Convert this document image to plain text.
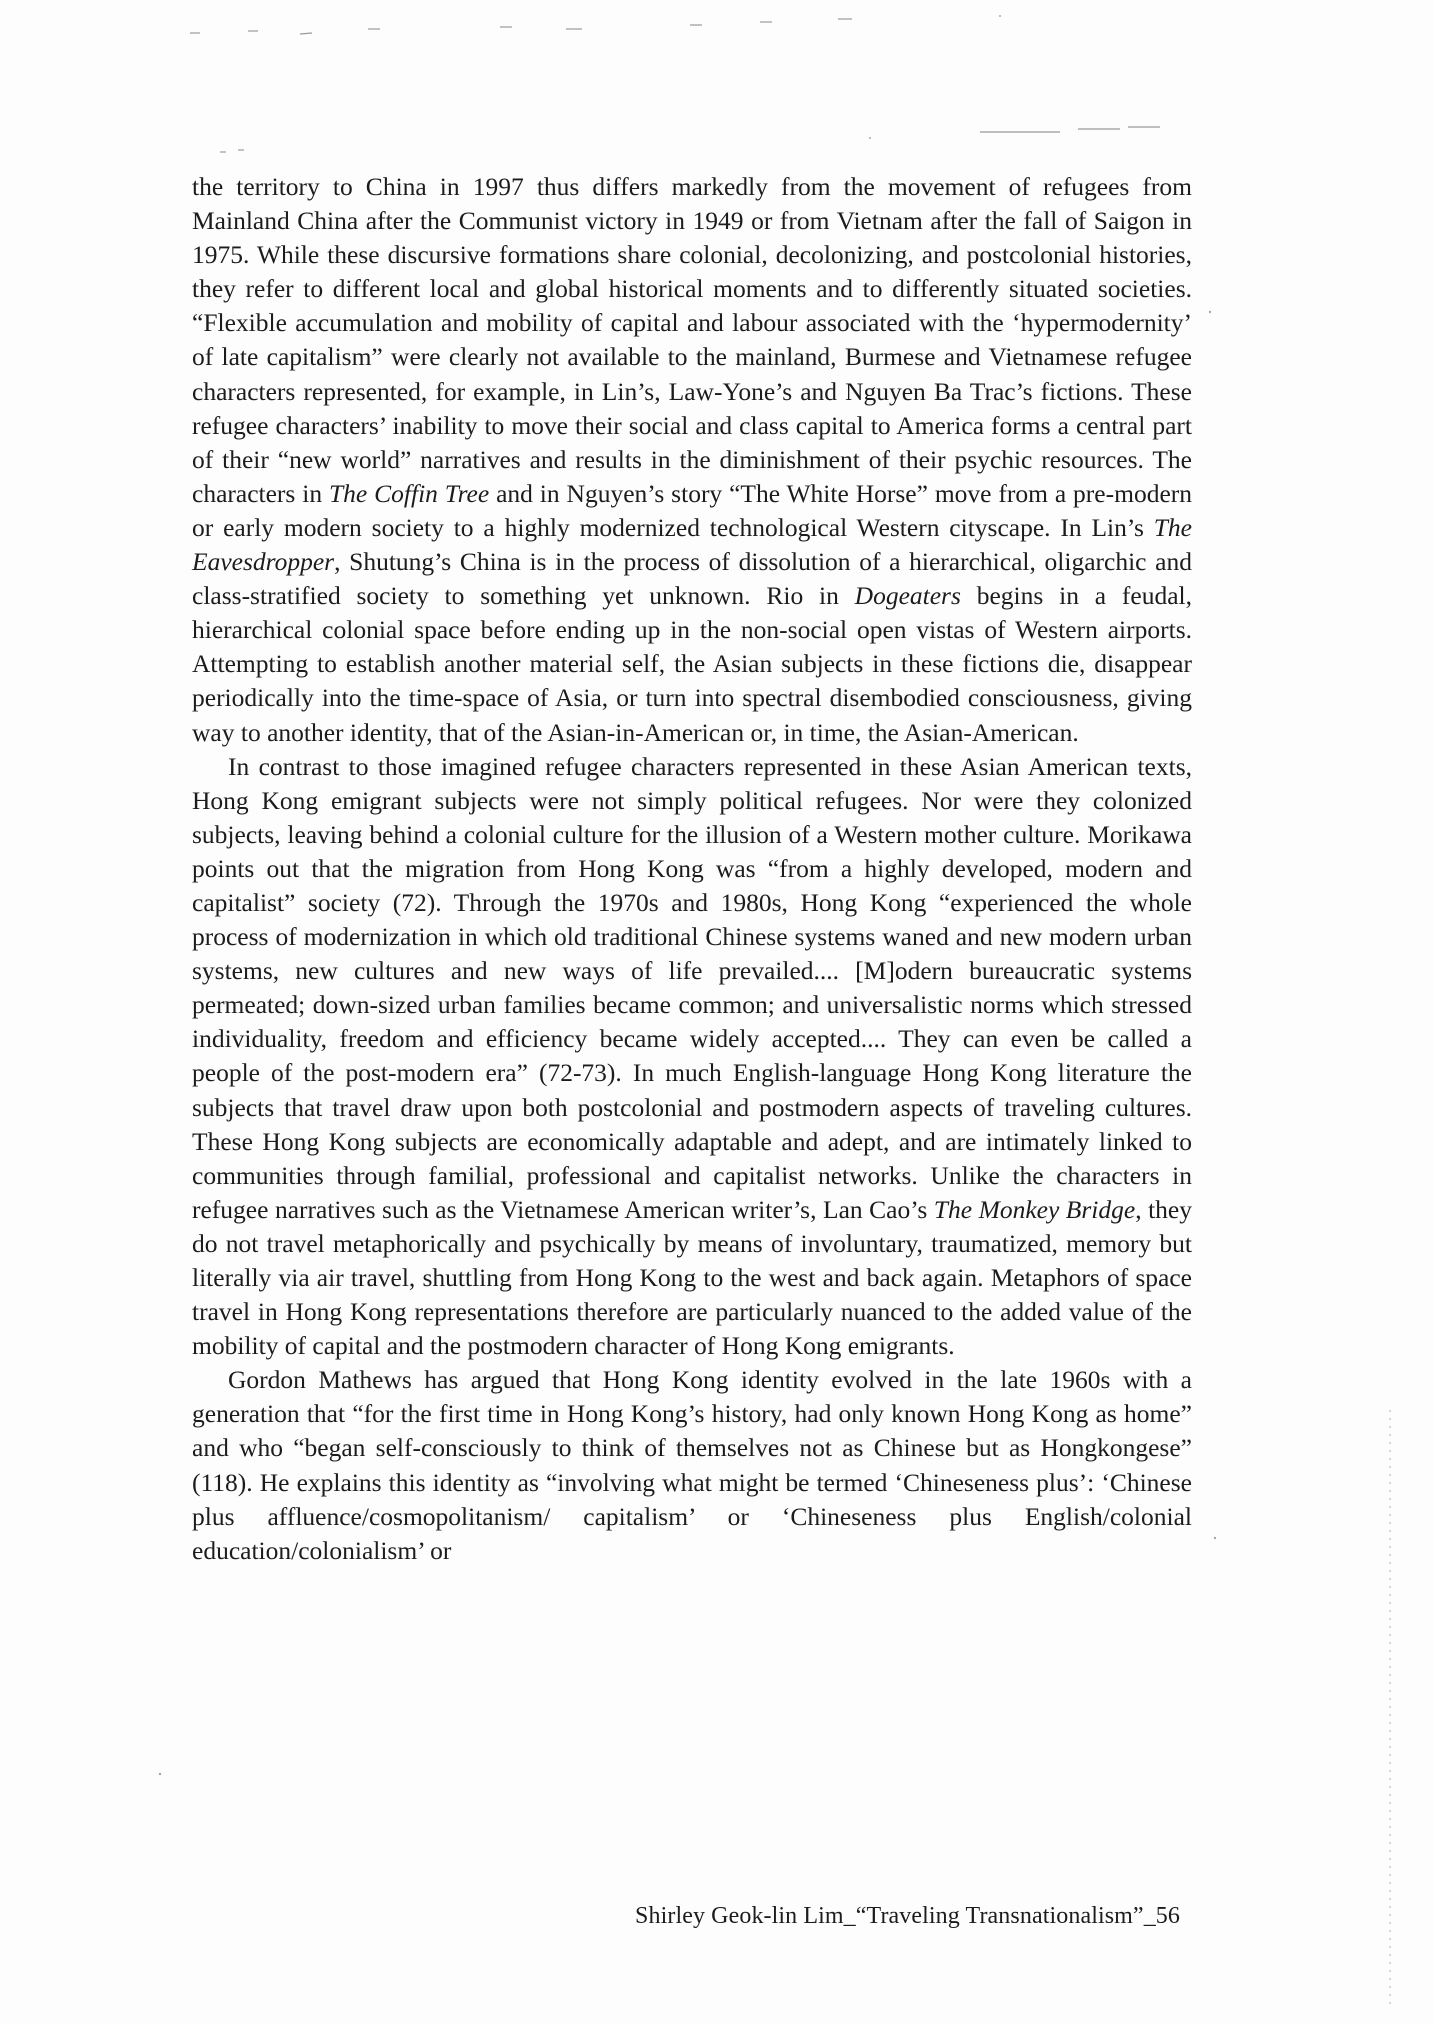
the territory to China in 1997 thus differs markedly from the movement of refugees from Mainland China after the Communist victory in 1949 or from Vietnam after the fall of Saigon in 1975. While these discursive formations share colonial, decolonizing, and postcolonial histories, they refer to different local and global historical moments and to differently situated societies. “Flexible accumulation and mobility of capital and labour associated with the ‘hypermodernity’ of late capitalism” were clearly not available to the mainland, Burmese and Vietnamese refugee characters represented, for example, in Lin’s, Law-Yone’s and Nguyen Ba Trac’s fictions. These refugee characters’ inability to move their social and class capital to America forms a central part of their “new world” narratives and results in the diminishment of their psychic resources. The characters in The Coffin Tree and in Nguyen’s story “The White Horse” move from a pre-modern or early modern society to a highly modernized technological Western cityscape. In Lin’s The Eavesdropper, Shutung’s China is in the process of dissolution of a hierarchical, oligarchic and class-stratified society to something yet unknown. Rio in Dogeaters begins in a feudal, hierarchical colonial space before ending up in the non-social open vistas of Western airports. Attempting to establish another material self, the Asian subjects in these fictions die, disappear periodically into the time-space of Asia, or turn into spectral disembodied consciousness, giving way to another identity, that of the Asian-in-American or, in time, the Asian-American.

In contrast to those imagined refugee characters represented in these Asian American texts, Hong Kong emigrant subjects were not simply political refugees. Nor were they colonized subjects, leaving behind a colonial culture for the illusion of a Western mother culture. Morikawa points out that the migration from Hong Kong was “from a highly developed, modern and capitalist” society (72). Through the 1970s and 1980s, Hong Kong “experienced the whole process of modernization in which old traditional Chinese systems waned and new modern urban systems, new cultures and new ways of life prevailed.... [M]odern bureaucratic systems permeated; down-sized urban families became common; and universalistic norms which stressed individuality, freedom and efficiency became widely accepted.... They can even be called a people of the post-modern era” (72-73). In much English-language Hong Kong literature the subjects that travel draw upon both postcolonial and postmodern aspects of traveling cultures. These Hong Kong subjects are economically adaptable and adept, and are intimately linked to communities through familial, professional and capitalist networks. Unlike the characters in refugee narratives such as the Vietnamese American writer’s, Lan Cao’s The Monkey Bridge, they do not travel metaphorically and psychically by means of involuntary, traumatized, memory but literally via air travel, shuttling from Hong Kong to the west and back again. Metaphors of space travel in Hong Kong representations therefore are particularly nuanced to the added value of the mobility of capital and the postmodern character of Hong Kong emigrants.

Gordon Mathews has argued that Hong Kong identity evolved in the late 1960s with a generation that “for the first time in Hong Kong’s history, had only known Hong Kong as home” and who “began self-consciously to think of themselves not as Chinese but as Hongkongese” (118). He explains this identity as “involving what might be termed ‘Chineseness plus’: ‘Chinese plus affluence/cosmopolitanism/ capitalism’ or ‘Chineseness plus English/colonial education/colonialism’ or

Shirley Geok-lin Lim_“Traveling Transnationalism”_56
